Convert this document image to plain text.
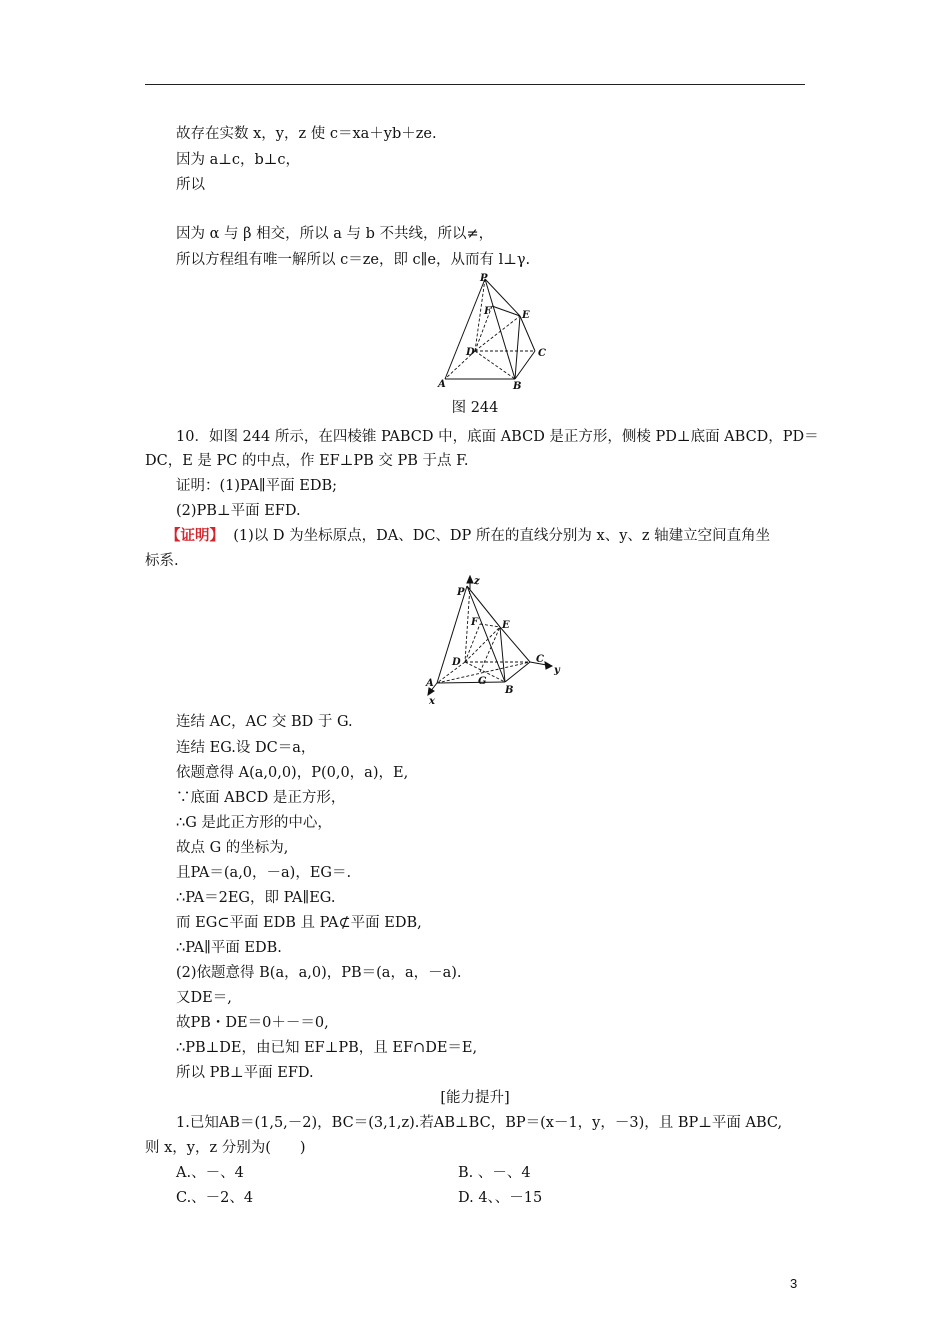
故存在实数 x，y，z 使 c＝xa＋yb＋ze.
因为 a⊥c，b⊥c，
所以
因为 α 与 β 相交，所以 a 与 b 不共线，所以≠，
所以方程组有唯一解所以 c＝ze，即 c∥e，从而有 l⊥γ.
P
F	E
D	C
A	B
图 244
10．如图 244 所示，在四棱锥 PABCD 中，底面 ABCD 是正方形，侧棱 PD⊥底面 ABCD，PD＝
DC，E 是 PC 的中点，作 EF⊥PB 交 PB 于点 F.
证明：(1)PA∥平面 EDB;
(2)PB⊥平面 EFD.
【证明】 (1)以 D 为坐标原点，DA、DC、DP 所在的直线分别为 x、y、z 轴建立空间直角坐
标系.
z
P
F E
D	C
y
A	G
B
x
连结 AC，AC 交 BD 于 G.
连结 EG.设 DC＝a，
依题意得 A(a,0,0)，P(0,0，a)，E,
∵底面 ABCD 是正方形，
∴G 是此正方形的中心，
故点 G 的坐标为,
且PA＝(a,0，－a)，EG＝.
∴PA＝2EG，即 PA∥EG.
而 EG⊂平面 EDB 且 PA⊄平面 EDB,
∴PA∥平面 EDB.
(2)依题意得 B(a，a,0)，PB＝(a，a，－a).
又DE＝,
故PB・DE＝0＋－＝0,
∴PB⊥DE，由已知 EF⊥PB，且 EF∩DE＝E,
所以 PB⊥平面 EFD.
[能力提升]
1.已知AB＝(1,5,－2)，BC＝(3,1,z).若AB⊥BC，BP＝(x－1，y，－3)，且 BP⊥平面 ABC,
则 x，y，z 分别为(　　)
A.、－、4	B. 、－、4
C.、－2、4	D. 4、、－15
3
